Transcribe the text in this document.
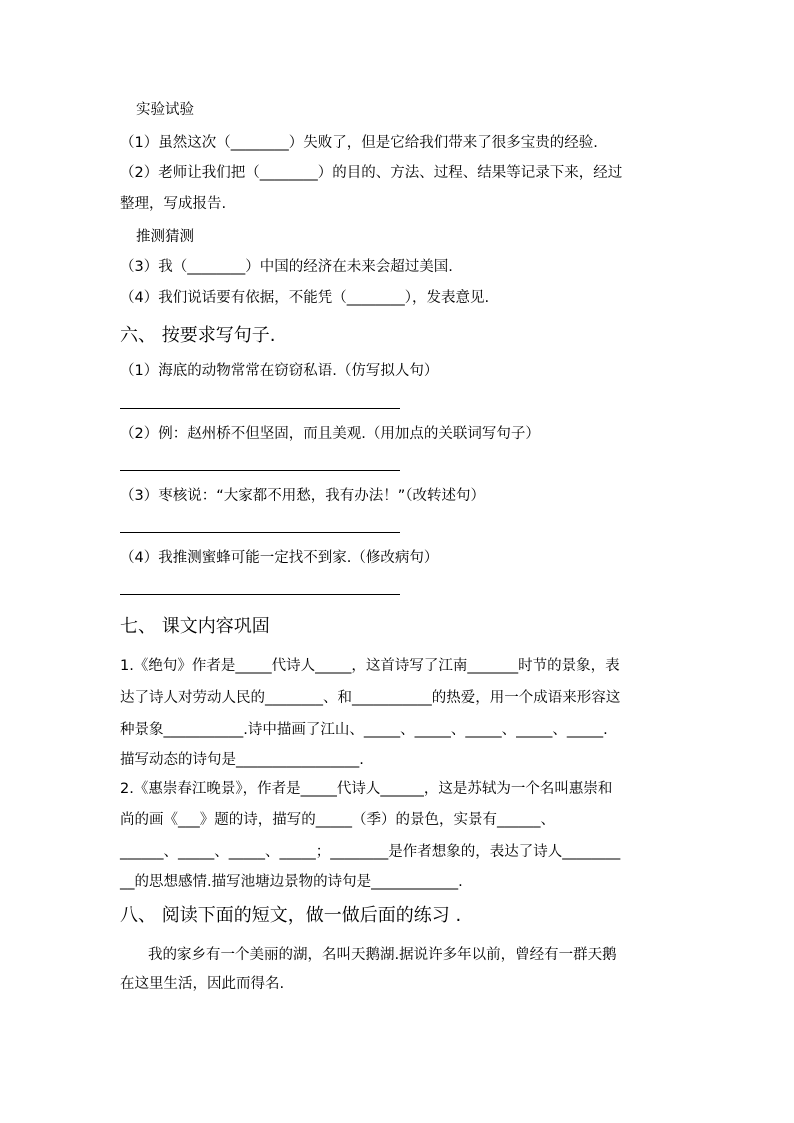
实验试验
（1）虽然这次（________）失败了，但是它给我们带来了很多宝贵的经验.
（2）老师让我们把（________）的目的、方法、过程、结果等记录下来，经过
整理，写成报告.
推测猜测
（3）我（________）中国的经济在未来会超过美国.
（4）我们说话要有依据，不能凭（________），发表意见.
六、 按要求写句子.
（1）海底的动物常常在窃窃私语.（仿写拟人句）
（2）例：赵州桥不但坚固，而且美观.（用加点的关联词写句子）
（3）枣核说：“大家都不用愁，我有办法！”（改转述句）
（4）我推测蜜蜂可能一定找不到家.（修改病句）
七、 课文内容巩固
1.《绝句》作者是_____代诗人_____，这首诗写了江南_______时节的景象，表
达了诗人对劳动人民的________、和___________的热爱，用一个成语来形容这
种景象___________.诗中描画了江山、_____、_____、_____、_____、_____.
描写动态的诗句是_________________.
2.《惠崇春江晚景》，作者是_____代诗人______，这是苏轼为一个名叫惠崇和
尚的画《___》题的诗，描写的_____（季）的景色，实景有______、
______、_____、_____、_____；________是作者想象的，表达了诗人________
__的思想感情.描写池塘边景物的诗句是____________.
八、 阅读下面的短文，做一做后面的练习 .
我的家乡有一个美丽的湖，名叫天鹅湖.据说许多年以前，曾经有一群天鹅
在这里生活，因此而得名.
